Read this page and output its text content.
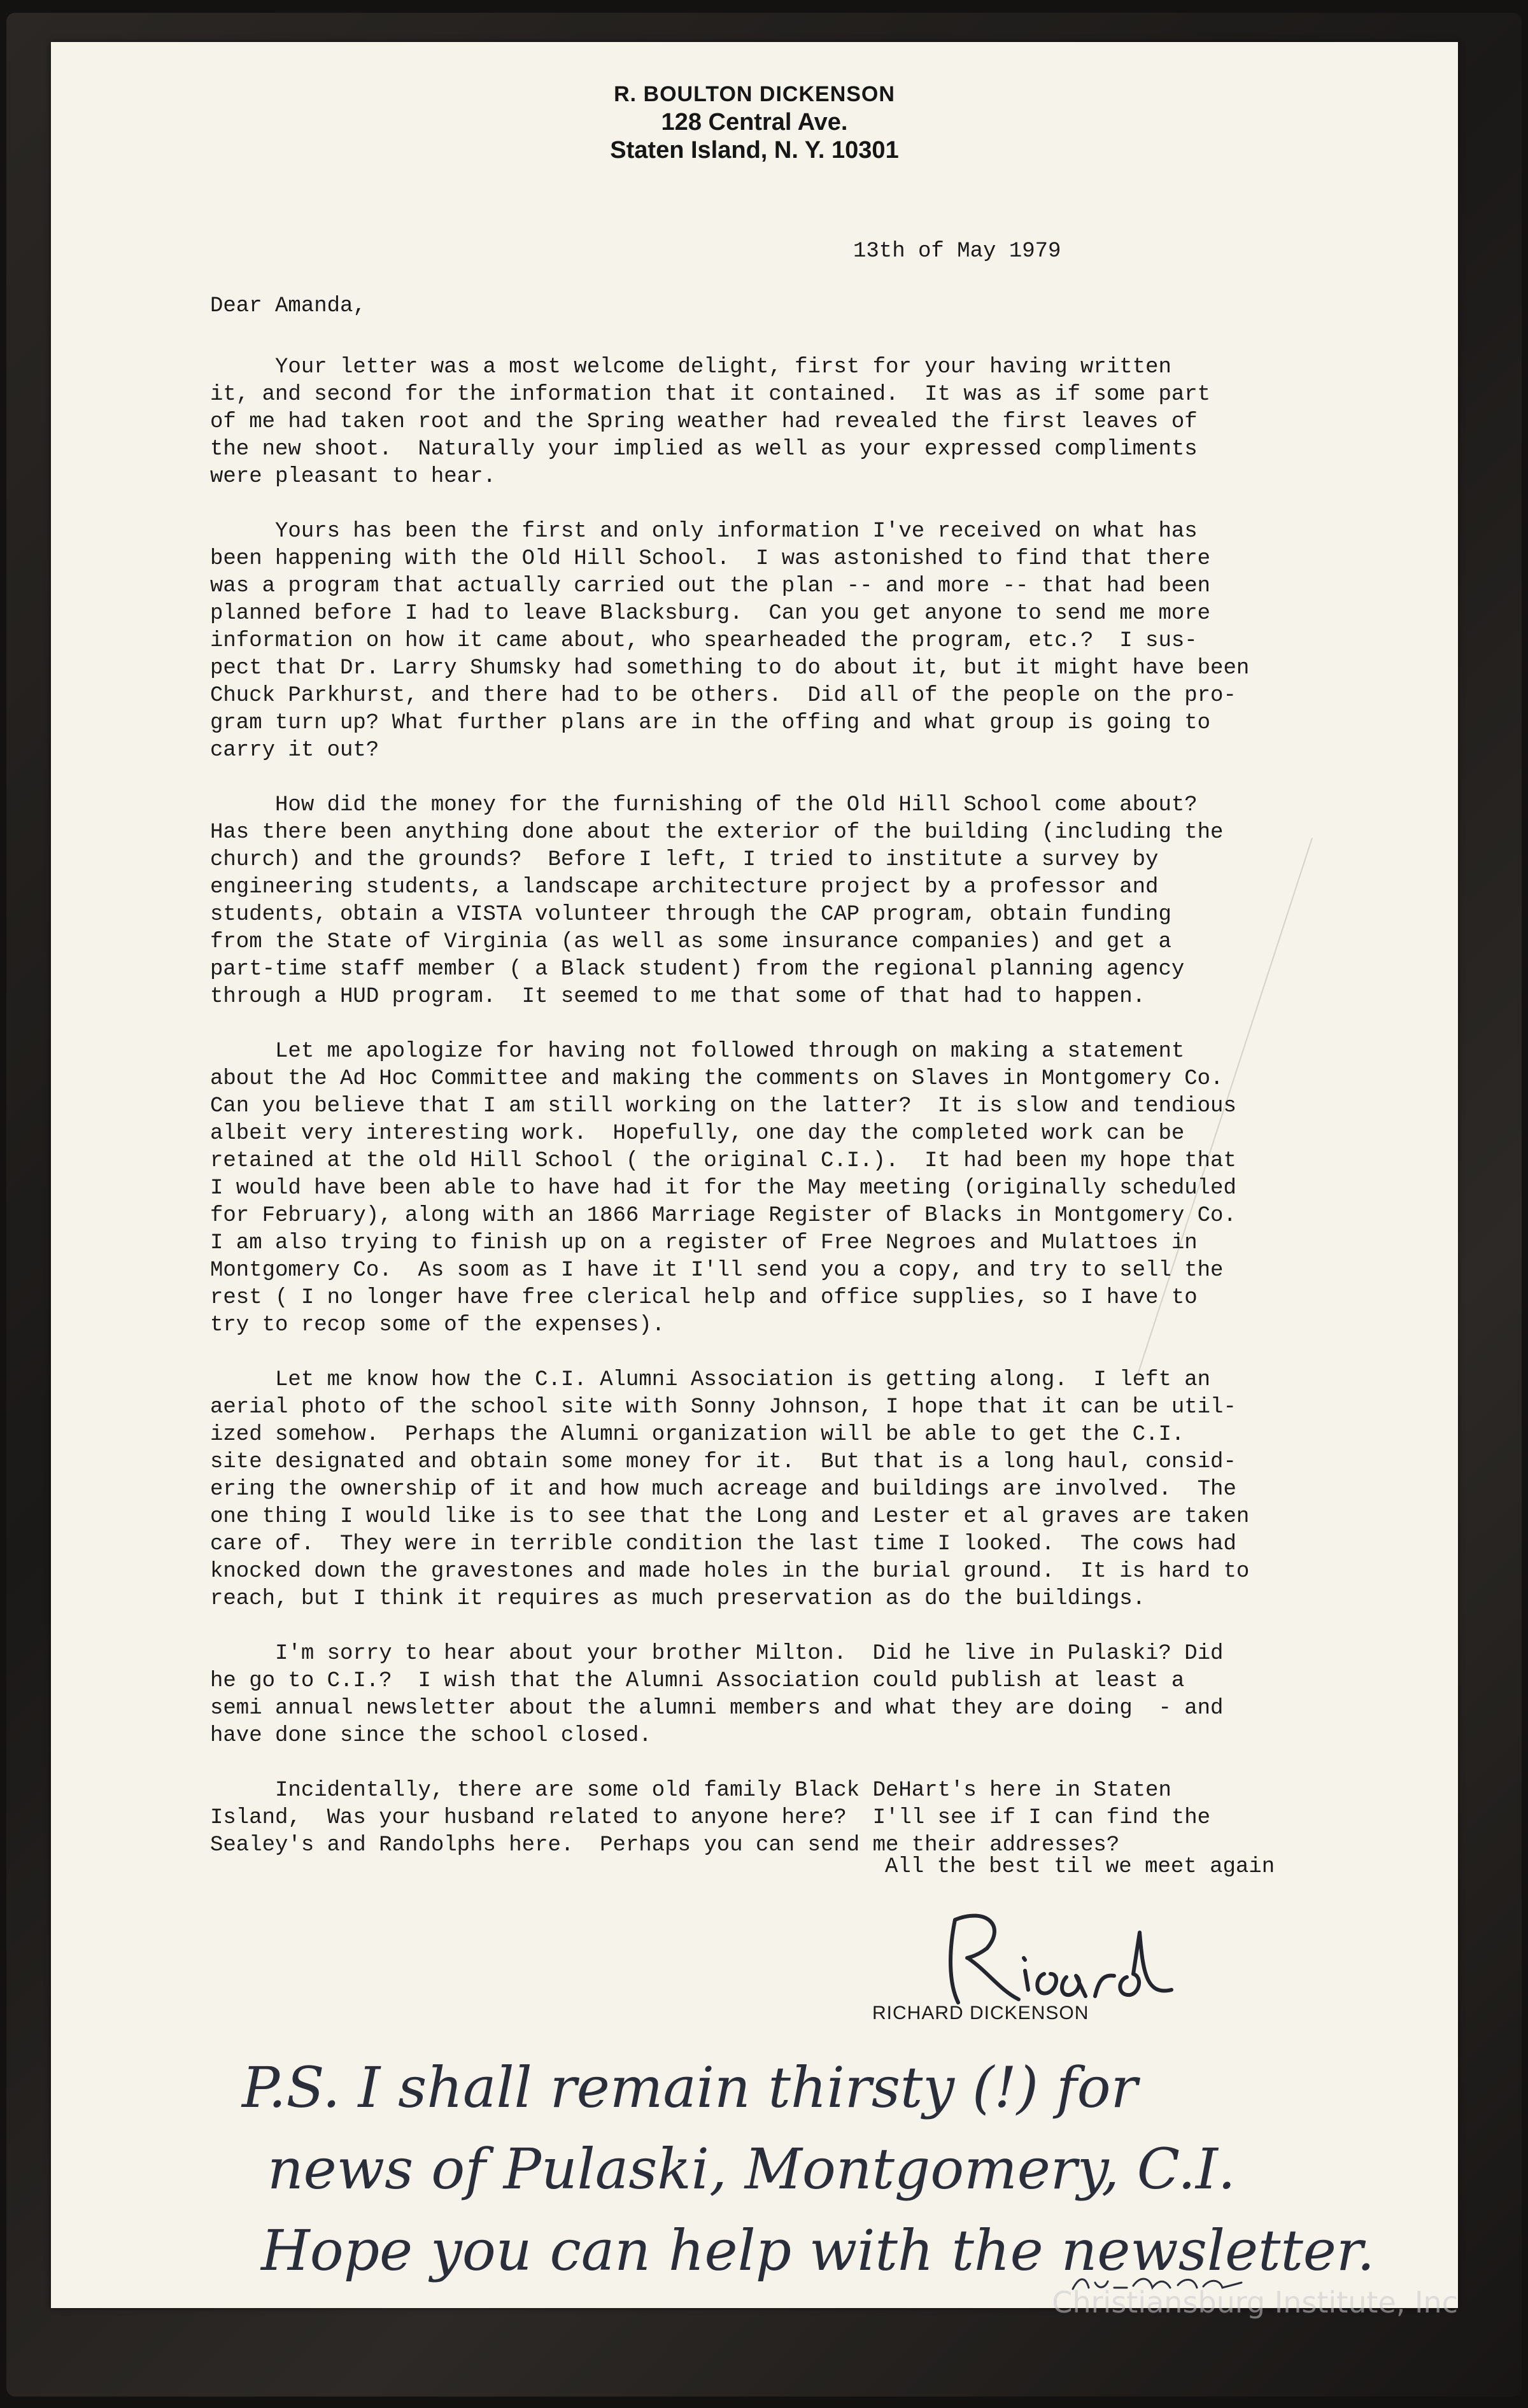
R. BOULTON DICKENSON
128 Central Ave.
Staten Island, N. Y. 10301
13th of May 1979
Dear Amanda,

Your letter was a most welcome delight, first for your having written
it, and second for the information that it contained.  It was as if some part
of me had taken root and the Spring weather had revealed the first leaves of
the new shoot.  Naturally your implied as well as your expressed compliments
were pleasant to hear.

Yours has been the first and only information I've received on what has
been happening with the Old Hill School.  I was astonished to find that there
was a program that actually carried out the plan -- and more -- that had been
planned before I had to leave Blacksburg.  Can you get anyone to send me more
information on how it came about, who spearheaded the program, etc.?  I sus-
pect that Dr. Larry Shumsky had something to do about it, but it might have been
Chuck Parkhurst, and there had to be others.  Did all of the people on the pro-
gram turn up? What further plans are in the offing and what group is going to
carry it out?

How did the money for the furnishing of the Old Hill School come about?
Has there been anything done about the exterior of the building (including the
church) and the grounds?  Before I left, I tried to institute a survey by
engineering students, a landscape architecture project by a professor and
students, obtain a VISTA volunteer through the CAP program, obtain funding
from the State of Virginia (as well as some insurance companies) and get a
part-time staff member ( a Black student) from the regional planning agency
through a HUD program.  It seemed to me that some of that had to happen.

Let me apologize for having not followed through on making a statement
about the Ad Hoc Committee and making the comments on Slaves in Montgomery Co.
Can you believe that I am still working on the latter?  It is slow and tendious
albeit very interesting work.  Hopefully, one day the completed work can be
retained at the old Hill School ( the original C.I.).  It had been my hope that
I would have been able to have had it for the May meeting (originally scheduled
for February), along with an 1866 Marriage Register of Blacks in Montgomery Co.
I am also trying to finish up on a register of Free Negroes and Mulattoes in
Montgomery Co.  As soom as I have it I'll send you a copy, and try to sell the
rest ( I no longer have free clerical help and office supplies, so I have to
try to recop some of the expenses).

Let me know how the C.I. Alumni Association is getting along.  I left an
aerial photo of the school site with Sonny Johnson, I hope that it can be util-
ized somehow.  Perhaps the Alumni organization will be able to get the C.I.
site designated and obtain some money for it.  But that is a long haul, consid-
ering the ownership of it and how much acreage and buildings are involved.  The
one thing I would like is to see that the Long and Lester et al graves are taken
care of.  They were in terrible condition the last time I looked.  The cows had
knocked down the gravestones and made holes in the burial ground.  It is hard to
reach, but I think it requires as much preservation as do the buildings.

I'm sorry to hear about your brother Milton.  Did he live in Pulaski? Did
he go to C.I.?  I wish that the Alumni Association could publish at least a
semi annual newsletter about the alumni members and what they are doing  - and
have done since the school closed.

Incidentally, there are some old family Black DeHart's here in Staten
Island,  Was your husband related to anyone here?  I'll see if I can find the
Sealey's and Randolphs here.  Perhaps you can send me their addresses?

All the best til we meet again
RICHARD DICKENSON
P.S. I shall remain thirsty (!) for
news of Pulaski, Montgomery, C.I.
Hope you can help with the newsletter.
Christiansburg Institute, Inc
